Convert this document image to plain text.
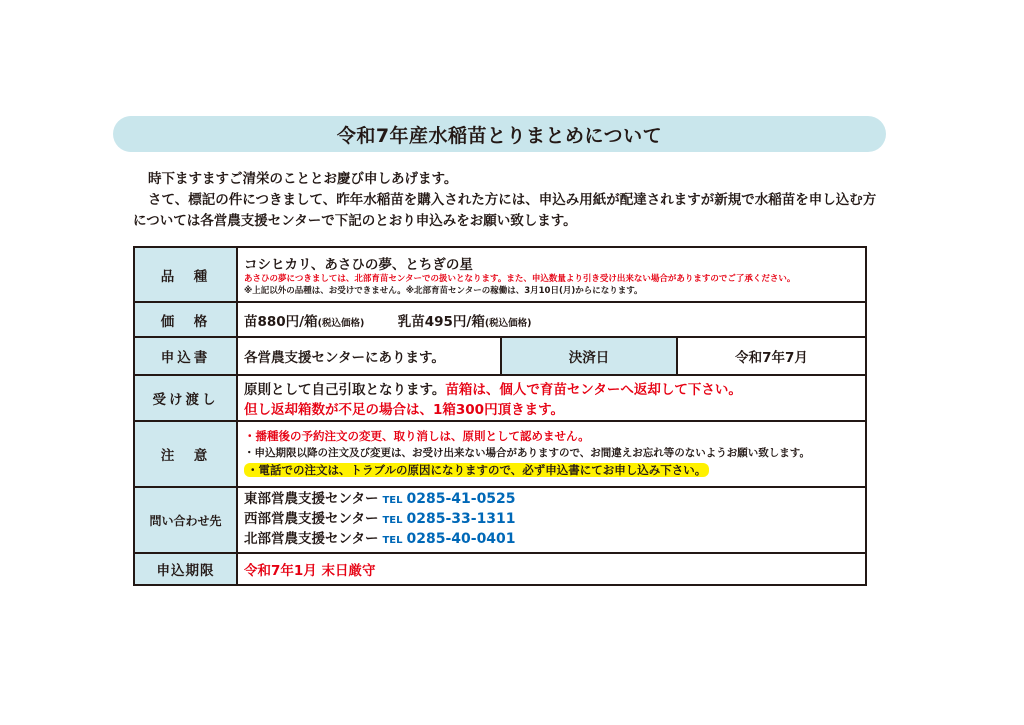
令和7年産水稲苗とりまとめについて

時下ますますご清栄のこととお慶び申しあげます。

さて、標記の件につきまして、昨年水稲苗を購入された方には、申込み用紙が配達されますが新規で水稲苗を申し込む方については各営農支援センターで下記のとおり申込みをお願い致します。

品　種	コシヒカリ、あさひの夢、とちぎの星
あさひの夢につきましては、北部育苗センターでの扱いとなります。また、申込数量より引き受け出来ない場合がありますのでご了承ください。
※上記以外の品種は、お受けできません。※北部育苗センターの稼働は、3月10日(月)からになります。		

価　格	苗880円/箱(税込価格) 乳苗495円/箱(税込価格)		

申込書	各営農支援センターにあります。	決済日	令和7年7月

受け渡し	原則として自己引取となります。苗箱は、個人で育苗センターへ返却して下さい。
但し返却箱数が不足の場合は、1箱300円頂きます。		

注　意	・播種後の予約注文の変更、取り消しは、原則として認めません。
・申込期限以降の注文及び変更は、お受け出来ない場合がありますので、お間違えお忘れ等のないようお願い致します。
・電話での注文は、トラブルの原因になりますので、必ず申込書にてお申し込み下さい。		

問い合わせ先	東部営農支援センター TEL 0285-41-0525
西部営農支援センター TEL 0285-33-1311
北部営農支援センター TEL 0285-40-0401		

申込期限	令和7年1月 末日厳守		
